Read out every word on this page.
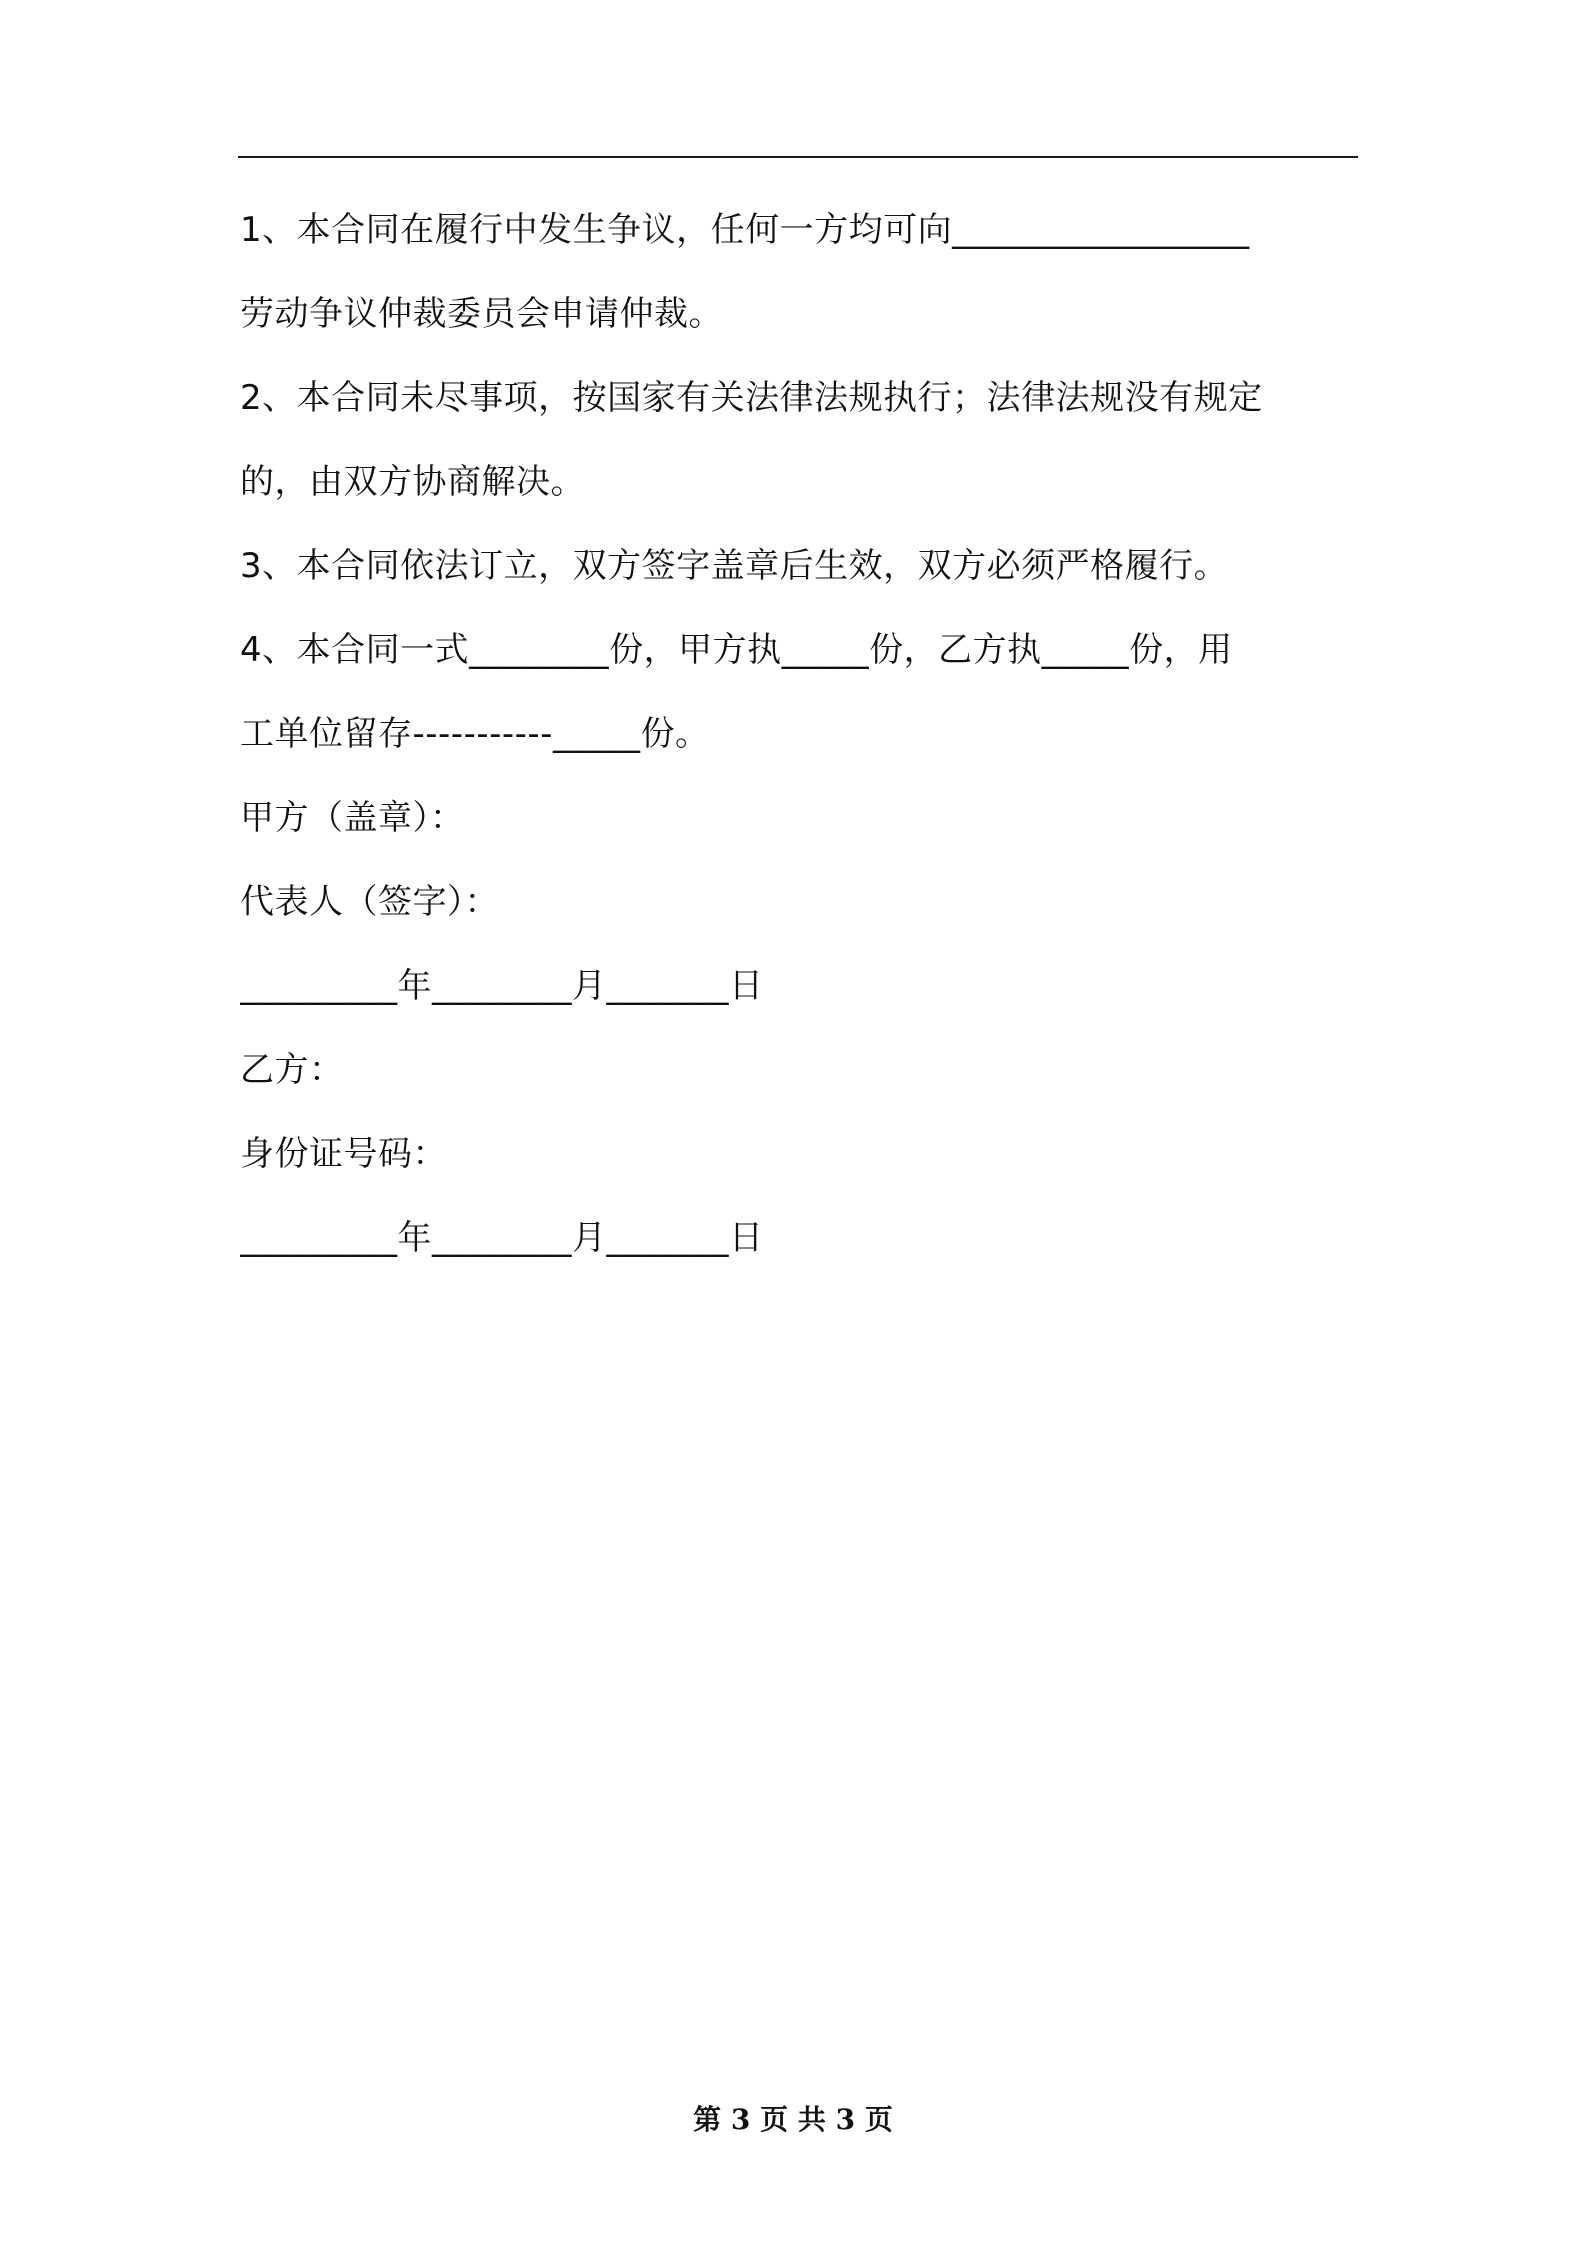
1、本合同在履行中发生争议，任何一方均可向_________________
劳动争议仲裁委员会申请仲裁。
2、本合同未尽事项，按国家有关法律法规执行；法律法规没有规定
的，由双方协商解决。
3、本合同依法订立，双方签字盖章后生效，双方必须严格履行。
4、本合同一式________份，甲方执_____份，乙方执_____份，用
工单位留存-----------_____份。
甲方（盖章）：
代表人（签字）：
_________年________月_______日
乙方：
身份证号码：
_________年________月_______日
第 3 页 共 3 页
